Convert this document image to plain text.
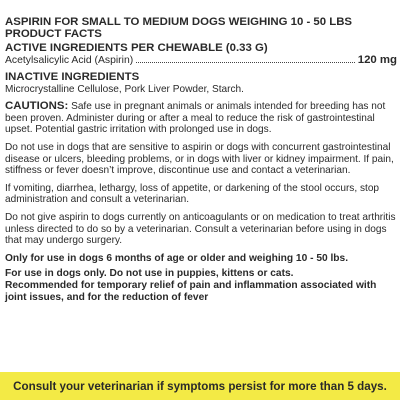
ASPIRIN FOR SMALL TO MEDIUM DOGS WEIGHING 10 - 50 LBS
PRODUCT FACTS
ACTIVE INGREDIENTS PER CHEWABLE (0.33 G)
Acetylsalicylic Acid (Aspirin)	120 mg
INACTIVE INGREDIENTS
Microcrystalline Cellulose, Pork Liver Powder, Starch.
CAUTIONS: Safe use in pregnant animals or animals intended for breeding has not been proven. Administer during or after a meal to reduce the risk of gastrointestinal upset. Potential gastric irritation with prolonged use in dogs.
Do not use in dogs that are sensitive to aspirin or dogs with concurrent gastrointestinal disease or ulcers, bleeding problems, or in dogs with liver or kidney impairment. If pain, stiffness or fever doesn’t improve, discontinue use and contact a veterinarian.
If vomiting, diarrhea, lethargy, loss of appetite, or darkening of the stool occurs, stop administration and consult a veterinarian.
Do not give aspirin to dogs currently on anticoagulants or on medication to treat arthritis unless directed to do so by a veterinarian. Consult a veterinarian before using in dogs that may undergo surgery.
Only for use in dogs 6 months of age or older and weighing 10 - 50 lbs.
For use in dogs only. Do not use in puppies, kittens or cats.
Recommended for temporary relief of pain and inflammation associated with joint issues, and for the reduction of fever
Consult your veterinarian if symptoms persist for more than 5 days.
